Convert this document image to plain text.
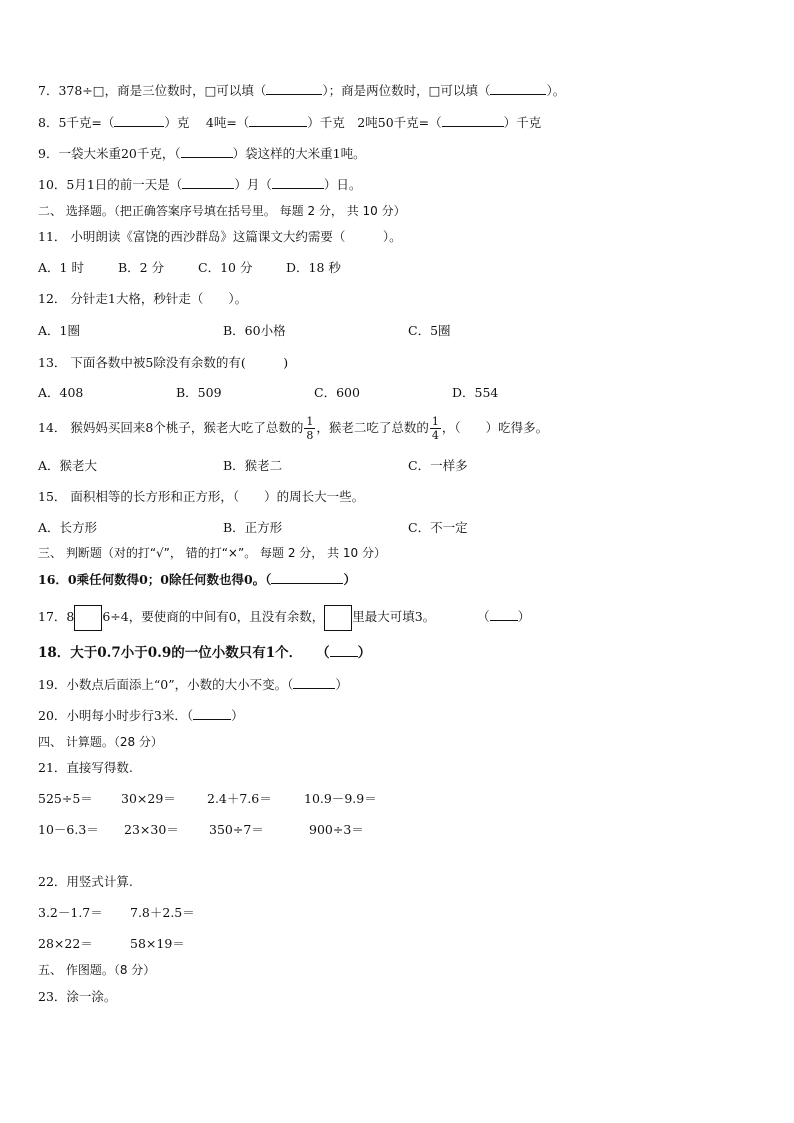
7．378÷□，商是三位数时，□可以填（	）；商是两位数时，□可以填（	）。
8．5千克=（	）克　 4吨=（	）千克　2吨50千克=（	）千克
9．一袋大米重20千克，（	）袋这样的大米重1吨。
10．5月1日的前一天是（	）月（	）日。
二、 选择题。（把正确答案序号填在括号里。 每题 2 分， 共 10 分）
11． 小明朗读《富饶的西沙群岛》这篇课文大约需要（　　　）。
A．1 时	B．2 分	C．10 分	D．18 秒
12． 分针走1大格，秒针走（　　）。
A．1圈	B．60小格	C．5圈
13． 下面各数中被5除没有余数的有(　　　)
A．408	B．509	C．600	D．554
14． 猴妈妈买回来8个桃子，猴老大吃了总数的 $\frac{1}{8}$ ，猴老二吃了总数的 $\frac{1}{4}$ ，（　　）吃得多。
A．猴老大	B．猴老二	C．一样多
15． 面积相等的长方形和正方形，（　　）的周长大一些。
A．长方形	B．正方形	C．不一定
三、 判断题（对的打“√”， 错的打“×”。 每题 2 分， 共 10 分）
16．0乘任何数得0；0除任何数也得0。（	）
17．8 6÷4，要使商的中间有0，且没有余数， 里最大可填3。	（ ）
18．大于0.7小于0.9的一位小数只有1个． （ ）
19．小数点后面添上“0”，小数的大小不变。（	）
20．小明每小时步行3米．（	）
四、 计算题。（28 分）
21．直接写得数.
525÷5＝ 30×29＝ 2.4＋7.6＝	10.9－9.9＝
10－6.3＝ 23×30＝ 350÷7＝	900÷3＝
22．用竖式计算.
3.2－1.7＝ 7.8＋2.5＝
28×22＝	58×19＝
五、 作图题。（8 分）
23．涂一涂。
